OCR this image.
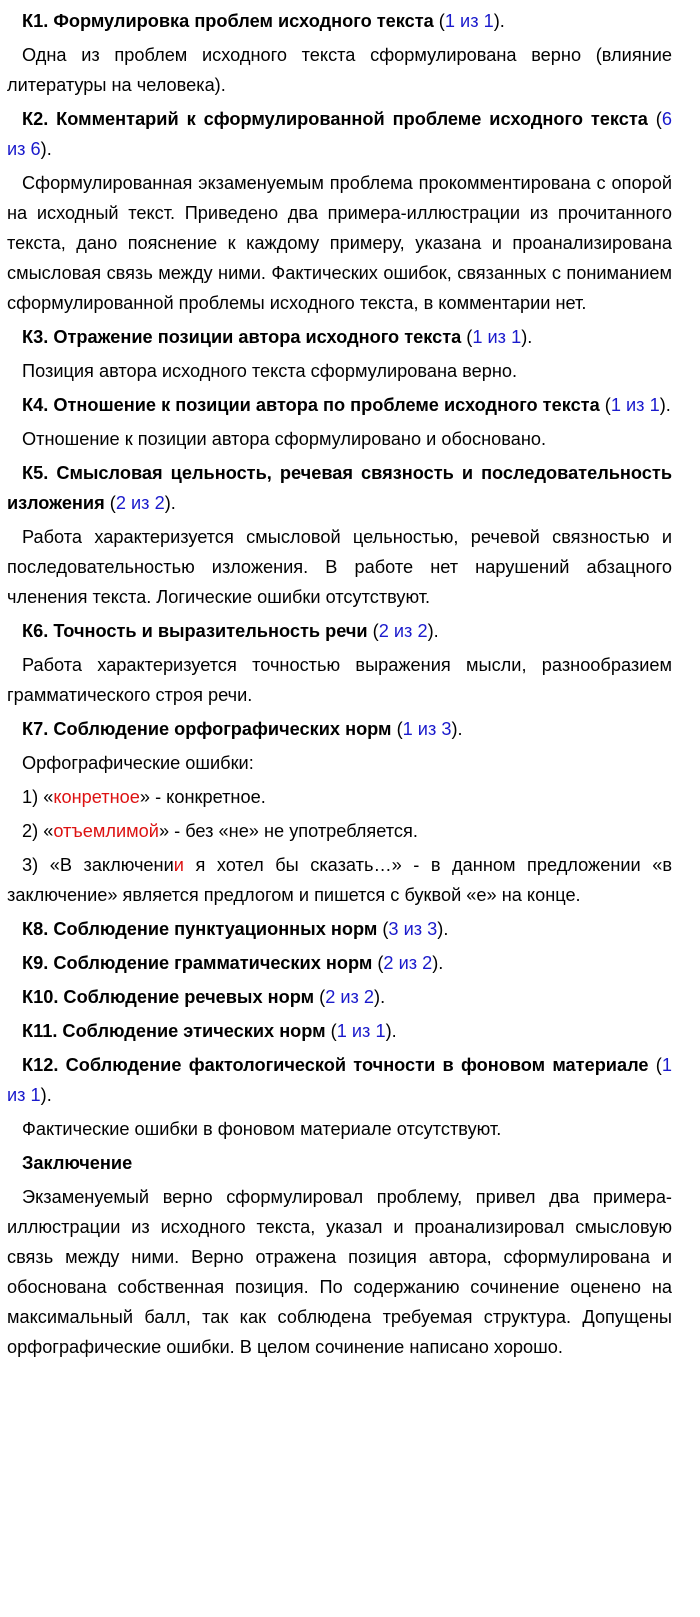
К1. Формулировка проблем исходного текста (1 из 1).

Одна из проблем исходного текста сформулирована верно (влияние литературы на человека).

К2. Комментарий к сформулированной проблеме исходного текста (6 из 6).

Сформулированная экзаменуемым проблема прокомментирована с опорой на исходный текст. Приведено два примера-иллюстрации из прочитанного текста, дано пояснение к каждому примеру, указана и проанализирована смысловая связь между ними. Фактических ошибок, связанных с пониманием сформулированной проблемы исходного текста, в комментарии нет.

К3. Отражение позиции автора исходного текста (1 из 1).

Позиция автора исходного текста сформулирована верно.

К4. Отношение к позиции автора по проблеме исходного текста (1 из 1).

Отношение к позиции автора сформулировано и обосновано.

К5. Смысловая цельность, речевая связность и последовательность изложения (2 из 2).

Работа характеризуется смысловой цельностью, речевой связностью и последовательностью изложения. В работе нет нарушений абзацного членения текста. Логические ошибки отсутствуют.

К6. Точность и выразительность речи (2 из 2).

Работа характеризуется точностью выражения мысли, разнообразием грамматического строя речи.

К7. Соблюдение орфографических норм (1 из 3).

Орфографические ошибки:

1) «конретное» - конкретное.

2) «отъемлимой» - без «не» не употребляется.

3) «В заключении я хотел бы сказать…» - в данном предложении «в заключение» является предлогом и пишется с буквой «е» на конце.

К8. Соблюдение пунктуационных норм (3 из 3).

К9. Соблюдение грамматических норм (2 из 2).

К10. Соблюдение речевых норм (2 из 2).

К11. Соблюдение этических норм (1 из 1).

К12. Соблюдение фактологической точности в фоновом материале (1 из 1).

Фактические ошибки в фоновом материале отсутствуют.

Заключение

Экзаменуемый верно сформулировал проблему, привел два примера-иллюстрации из исходного текста, указал и проанализировал смысловую связь между ними. Верно отражена позиция автора, сформулирована и обоснована собственная позиция. По содержанию сочинение оценено на максимальный балл, так как соблюдена требуемая структура. Допущены орфографические ошибки. В целом сочинение написано хорошо.
